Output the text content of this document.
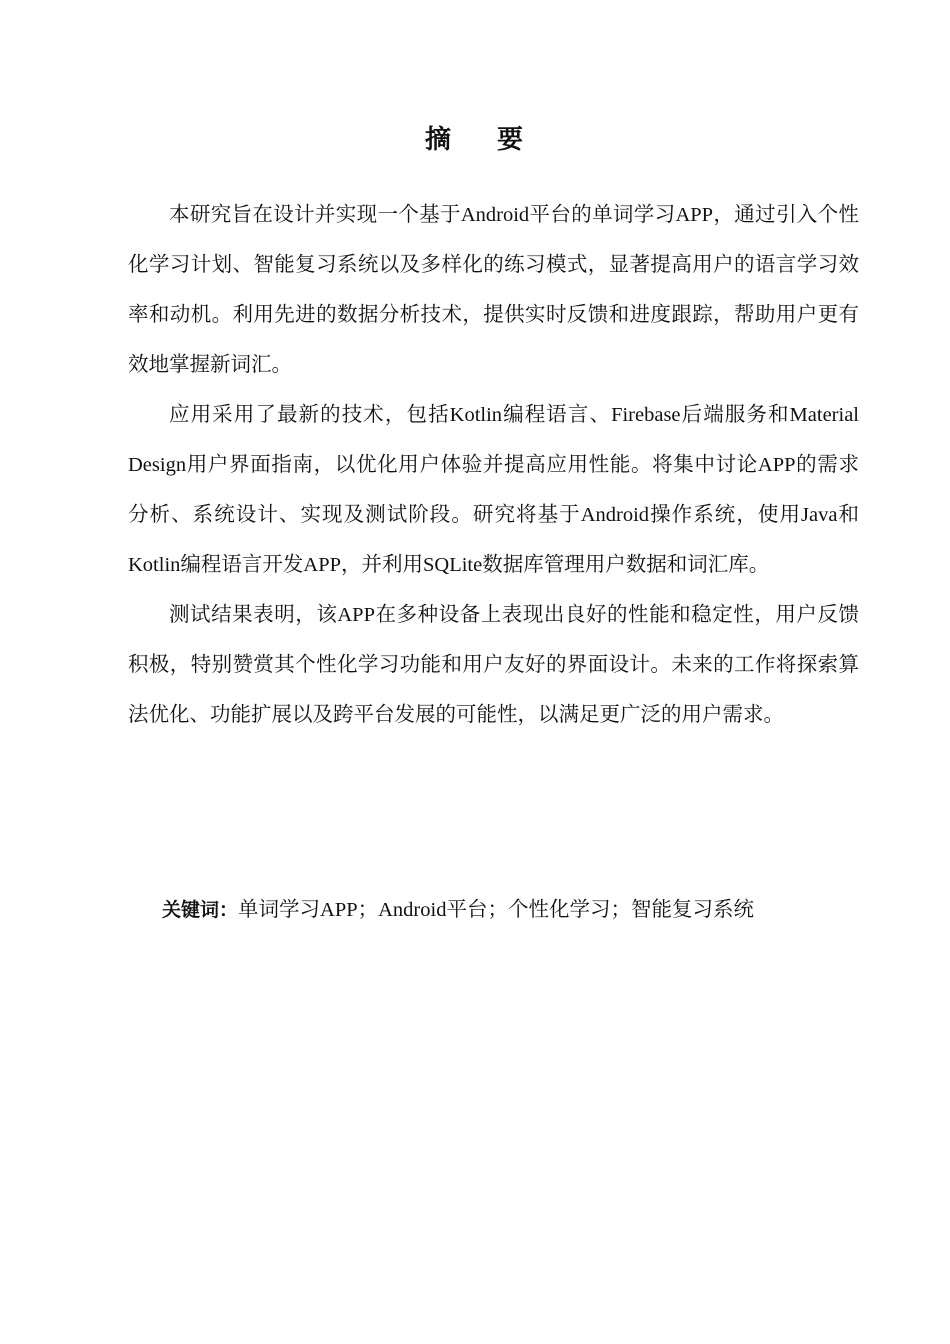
摘 要

本研究旨在设计并实现一个基于Android平台的单词学习APP，通过引入个性化学习计划、智能复习系统以及多样化的练习模式，显著提高用户的语言学习效率和动机。利用先进的数据分析技术，提供实时反馈和进度跟踪，帮助用户更有效地掌握新词汇。

应用采用了最新的技术，包括Kotlin编程语言、Firebase后端服务和Material Design用户界面指南，以优化用户体验并提高应用性能。将集中讨论APP的需求分析、系统设计、实现及测试阶段。研究将基于Android操作系统，使用Java和Kotlin编程语言开发APP，并利用SQLite数据库管理用户数据和词汇库。

测试结果表明，该APP在多种设备上表现出良好的性能和稳定性，用户反馈积极，特别赞赏其个性化学习功能和用户友好的界面设计。未来的工作将探索算法优化、功能扩展以及跨平台发展的可能性，以满足更广泛的用户需求。

关键词：单词学习APP；Android平台；个性化学习；智能复习系统
